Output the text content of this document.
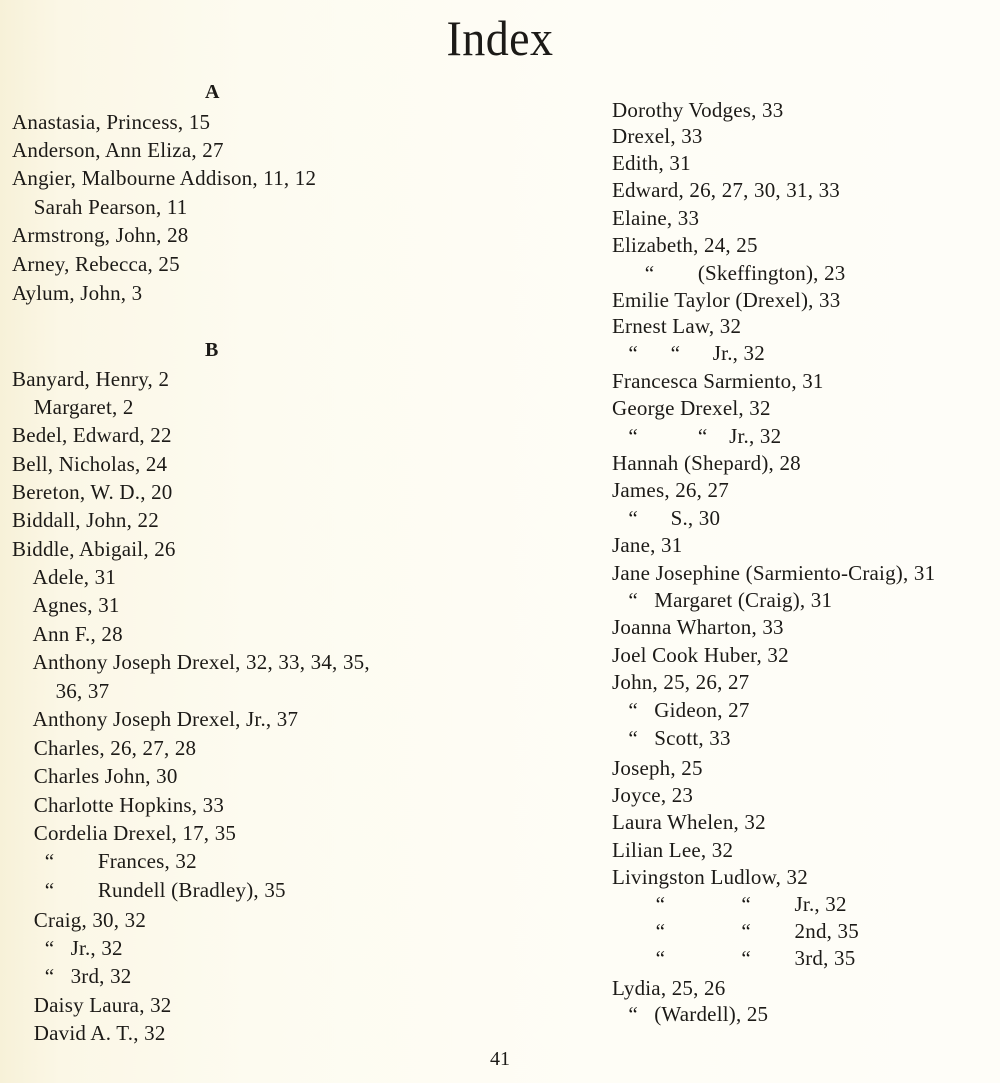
Index
A
Anastasia, Princess, 15
Anderson, Ann Eliza, 27
Angier, Malbourne Addison, 11, 12
Sarah Pearson, 11
Armstrong, John, 28
Arney, Rebecca, 25
Aylum, John, 3
B
Banyard, Henry, 2
Margaret, 2
Bedel, Edward, 22
Bell, Nicholas, 24
Bereton, W. D., 20
Biddall, John, 22
Biddle, Abigail, 26
Adele, 31
Agnes, 31
Ann F., 28
Anthony Joseph Drexel, 32, 33, 34, 35,
36, 37
Anthony Joseph Drexel, Jr., 37
Charles, 26, 27, 28
Charles John, 30
Charlotte Hopkins, 33
Cordelia Drexel, 17, 35
“        Frances, 32
“        Rundell (Bradley), 35
Craig, 30, 32
“   Jr., 32
“   3rd, 32
Daisy Laura, 32
David A. T., 32
Dorothy Vodges, 33
Drexel, 33
Edith, 31
Edward, 26, 27, 30, 31, 33
Elaine, 33
Elizabeth, 24, 25
“        (Skeffington), 23
Emilie Taylor (Drexel), 33
Ernest Law, 32
“      “      Jr., 32
Francesca Sarmiento, 31
George Drexel, 32
“           “    Jr., 32
Hannah (Shepard), 28
James, 26, 27
“      S., 30
Jane, 31
Jane Josephine (Sarmiento-Craig), 31
“   Margaret (Craig), 31
Joanna Wharton, 33
Joel Cook Huber, 32
John, 25, 26, 27
“   Gideon, 27
“   Scott, 33
Joseph, 25
Joyce, 23
Laura Whelen, 32
Lilian Lee, 32
Livingston Ludlow, 32
“              “        Jr., 32
“              “        2nd, 35
“              “        3rd, 35
Lydia, 25, 26
“   (Wardell), 25
41
